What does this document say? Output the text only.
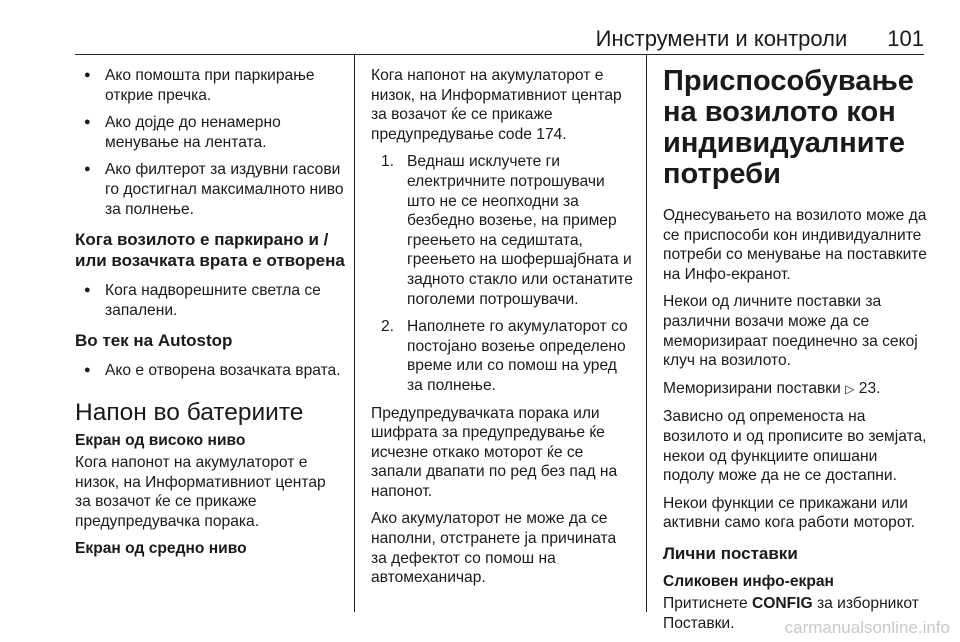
Инструменти и контроли 101
● Ако помошта при паркирање открие пречка.
● Ако дојде до ненамерно менување на лентата.
● Ако филтерот за издувни гасови го достигнал максималното ниво за полнење.
Кога возилото е паркирано и / или возачката врата е отворена
● Кога надворешните светла се запалени.
Во тек на Autostop
● Ако е отворена возачката врата.
Напон во батериите
Екран од високо ниво

Кога напонот на акумулаторот е низок, на Информативниот центар за возачот ќе се прикаже предупредувачка порака.

Екран од средно ниво

Кога напонот на акумулаторот е низок, на Информативниот центар за возачот ќе се прикаже предупредување code 174.

1. Веднаш исклучете ги електричните потрошувачи што не се неопходни за безбедно возење, на пример греењето на седиштата, греењето на шофершајбната и задното стакло или останатите поголеми потрошувачи.
2. Наполнете го акумулаторот со постојано возење определено време или со помош на уред за полнење.

Предупредувачката порака или шифрата за предупредување ќе исчезне откако моторот ќе се запали двапати по ред без пад на напонот.

Ако акумулаторот не може да се наполни, отстранете ја причината за дефектот со помош на автомеханичар.

Приспособување на возилото кон индивидуалните потреби

Однесувањето на возилото може да се приспособи кон индивидуалните потреби со менување на поставките на Инфо-екранот.

Некои од личните поставки за различни возачи може да се меморизираат поединечно за секој клуч на возилото.

Меморизирани поставки ▷ 23.

Зависно од опременоста на возилото и од прописите во земјата, некои од функциите опишани подолу може да не се достапни.

Некои функции се прикажани или активни само кога работи моторот.

Лични поставки
Сликовен инфо-екран

Притиснете CONFIG за изборникот Поставки.	carmanualsonline.info
